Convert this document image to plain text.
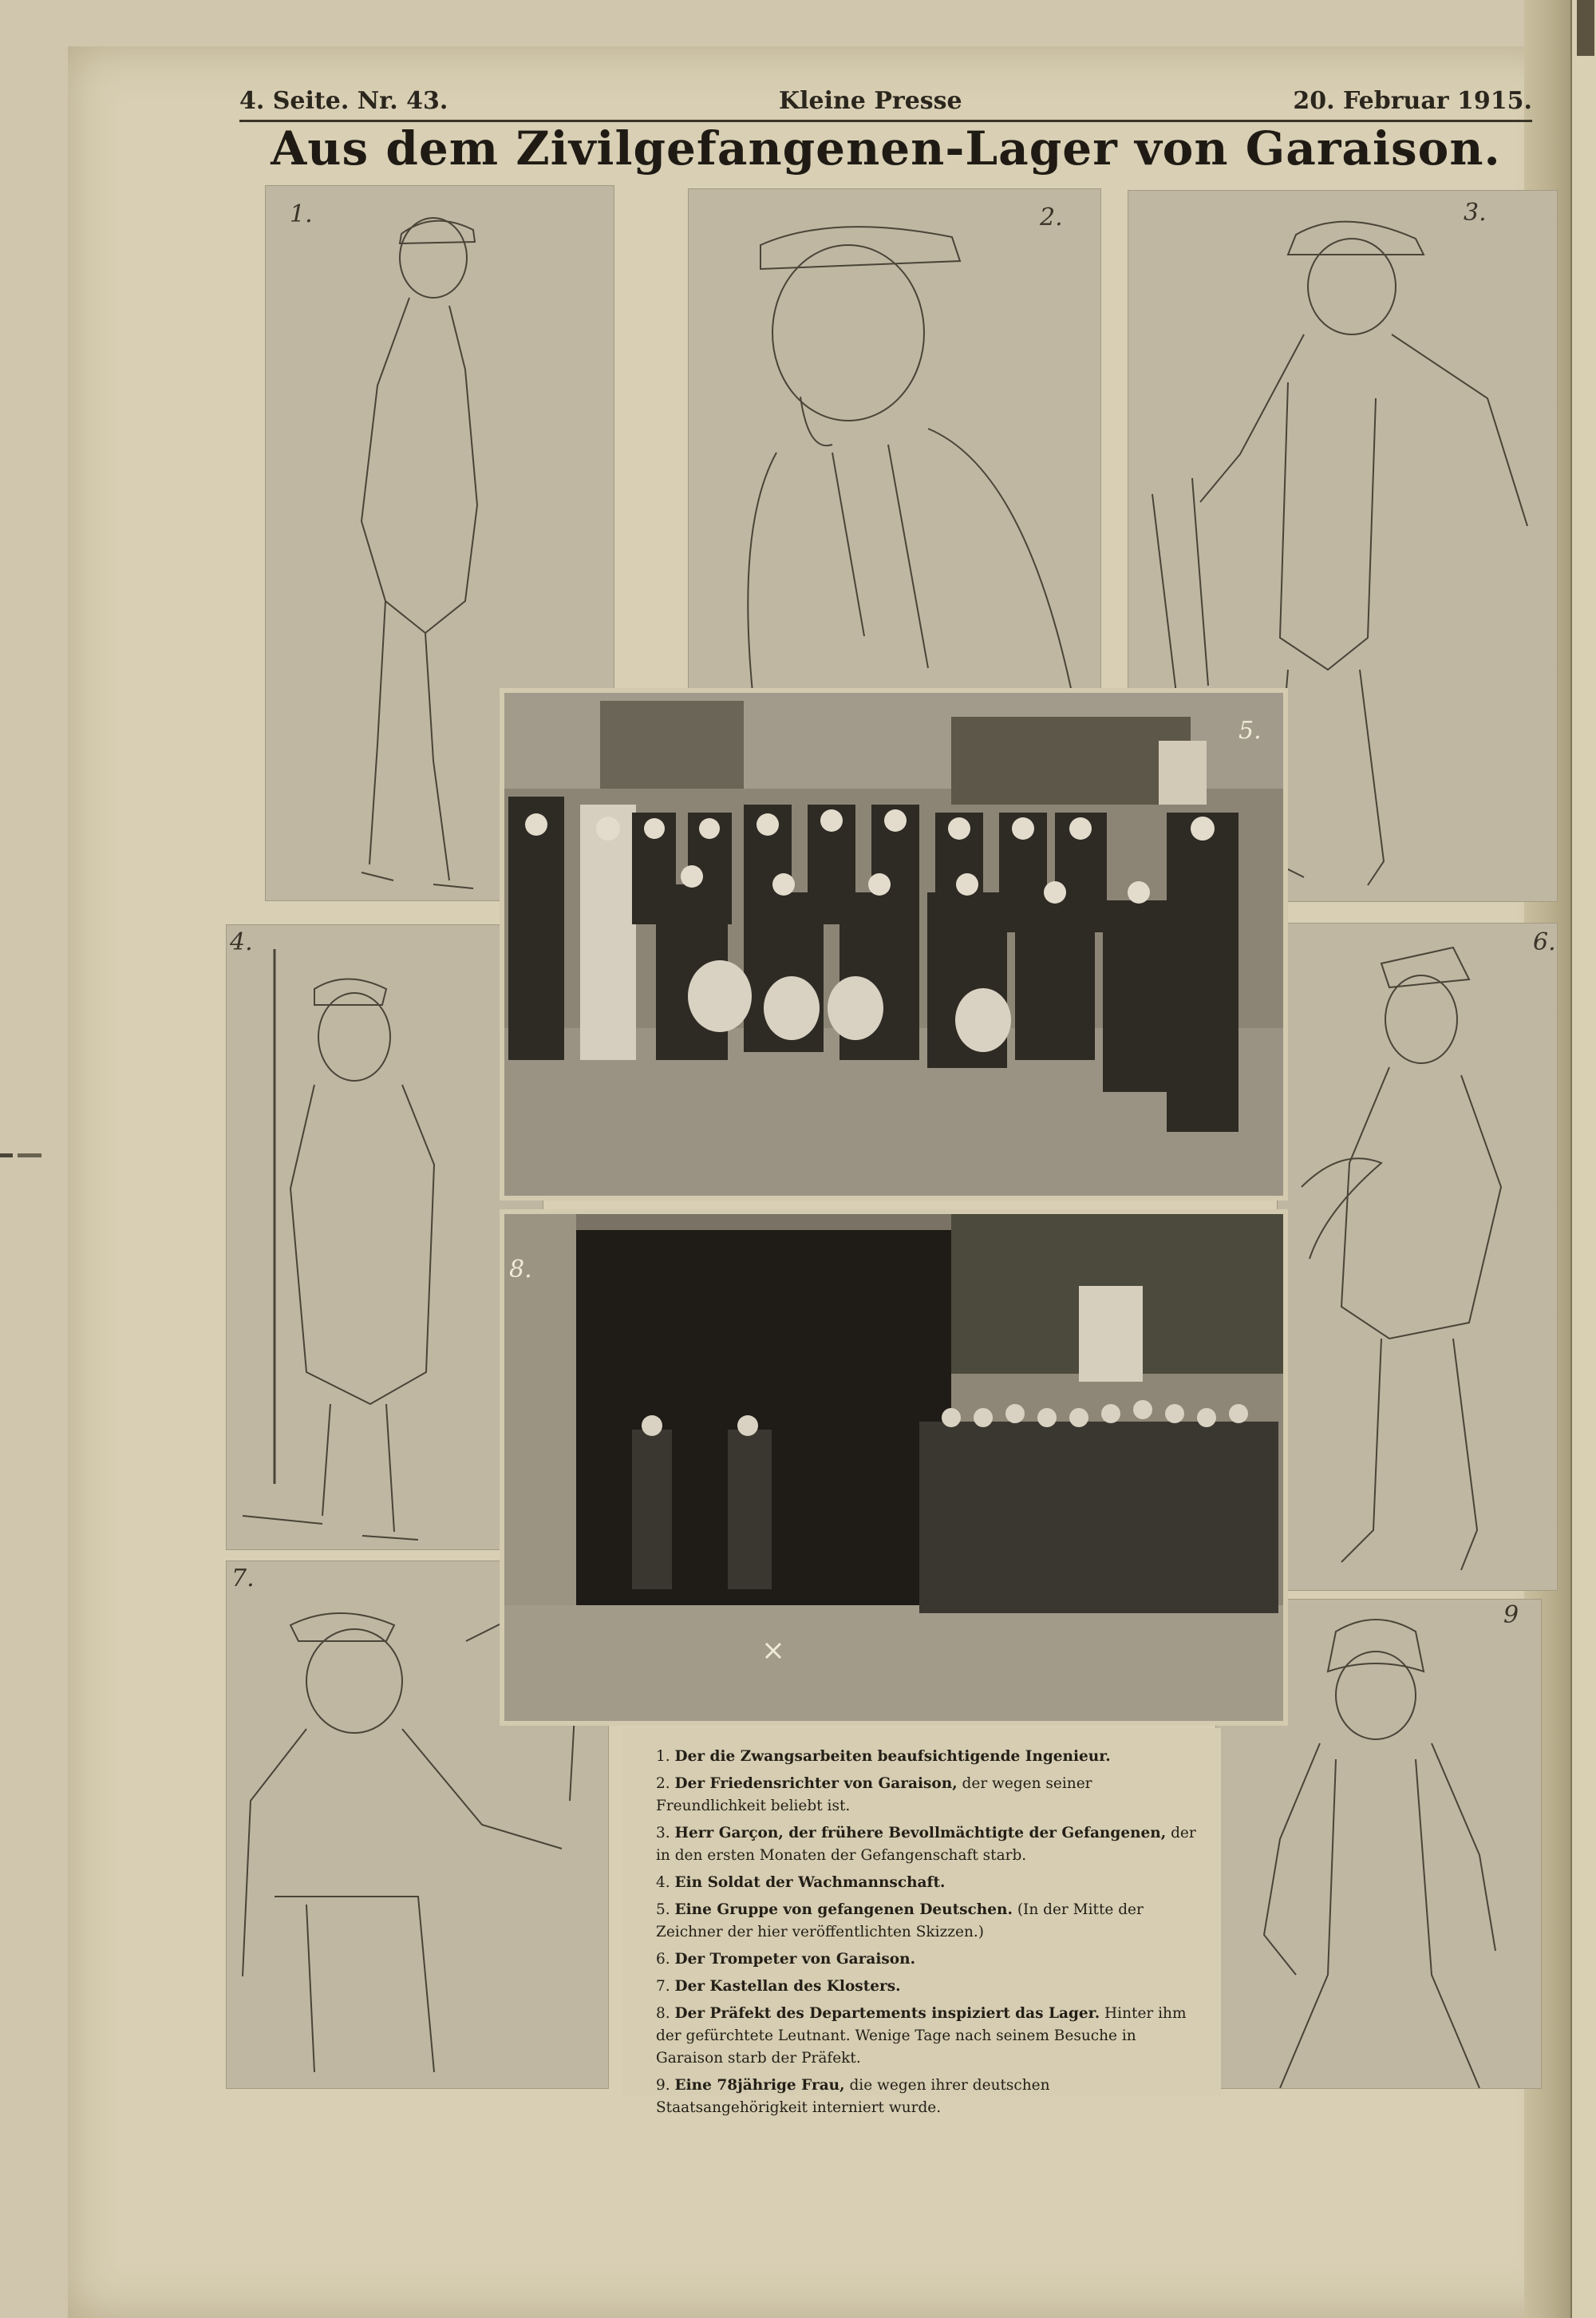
4. Seite. Nr. 43.	Kleine Presse	20. Februar 1915.
Aus dem Zivilgefangenen-Lager von Garaison.
1.	2.	3.
4.	6.
7.
9
5.
8.

1. Der die Zwangsarbeiten beaufsichtigende Ingenieur.

2. Der Friedensrichter von Garaison, der wegen seiner Freundlichkeit beliebt ist.

3. Herr Garçon, der frühere Bevollmächtigte der Gefangenen, der in den ersten Monaten der Gefangenschaft starb.

4. Ein Soldat der Wachmannschaft.

5. Eine Gruppe von gefangenen Deutschen. (In der Mitte der Zeichner der hier veröffentlichten Skizzen.)

6. Der Trompeter von Garaison.

7. Der Kastellan des Klosters.

8. Der Präfekt des Departements inspiziert das Lager. Hinter ihm der gefürchtete Leutnant. Wenige Tage nach seinem Besuche in Garaison starb der Präfekt.

9. Eine 78jährige Frau, die wegen ihrer deutschen Staatsangehörigkeit interniert wurde.
